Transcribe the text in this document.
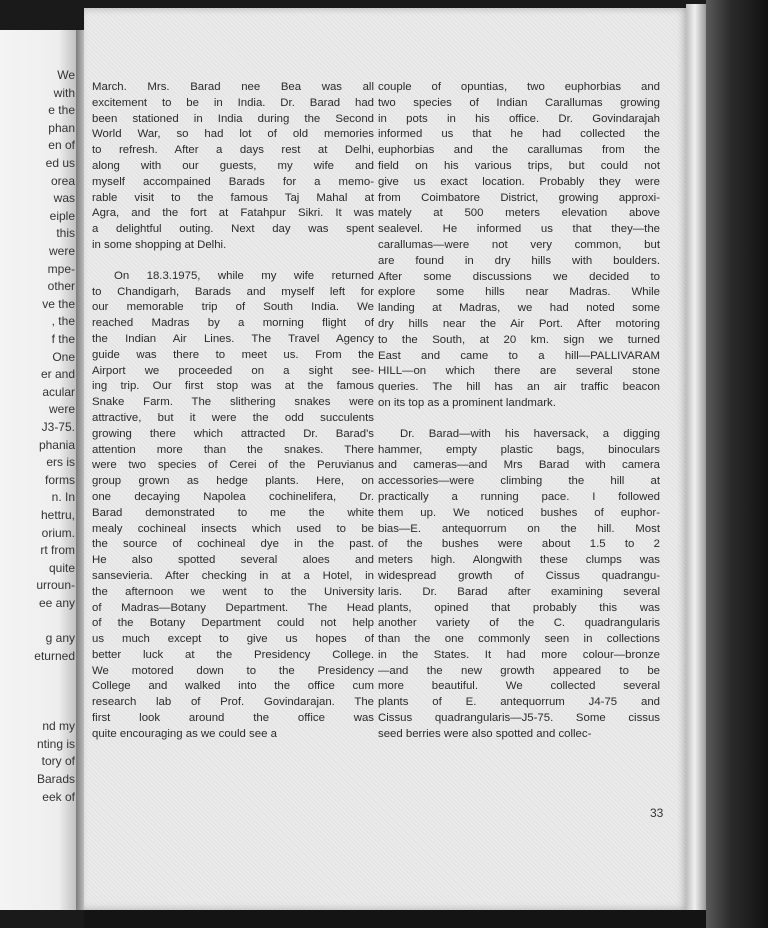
We
with
e the
phan
en of
ed us
orea
was
eiple
this
were
mpe-
other
ve the
, the
f the
One
er and
acular
were
J3-75.
phania
ers is
forms
n. In
hettru,
orium.
rt from
quite
urroun-
ee any
g any
eturned
nd my
nting is
tory of
Barads
eek of
March. Mrs. Barad nee Bea was all
excitement to be in India. Dr. Barad had
been stationed in India during the Second
World War, so had lot of old memories
to refresh. After a days rest at Delhi,
along with our guests, my wife and
myself accompained Barads for a memo-
rable visit to the famous Taj Mahal at
Agra, and the fort at Fatahpur Sikri. It was
a delightful outing. Next day was spent
in some shopping at Delhi.
On 18.3.1975, while my wife returned
to Chandigarh, Barads and myself left for
our memorable trip of South India. We
reached Madras by a morning flight of
the Indian Air Lines. The Travel Agency
guide was there to meet us. From the
Airport we proceeded on a sight see-
ing trip. Our first stop was at the famous
Snake Farm. The slithering snakes were
attractive, but it were the odd succulents
growing there which attracted Dr. Barad's
attention more than the snakes. There
were two species of Cerei of the Peruvianus
group grown as hedge plants. Here, on
one decaying Napolea cochinelifera, Dr.
Barad demonstrated to me the white
mealy cochineal insects which used to be
the source of cochineal dye in the past.
He also spotted several aloes and
sansevieria. After checking in at a Hotel, in
the afternoon we went to the University
of Madras—Botany Department. The Head
of the Botany Department could not help
us much except to give us hopes of
better luck at the Presidency College.
We motored down to the Presidency
College and walked into the office cum
research lab of Prof. Govindarajan. The
first look around the office was
quite encouraging as we could see a
couple of opuntias, two euphorbias and
two species of Indian Carallumas growing
in pots in his office. Dr. Govindarajah
informed us that he had collected the
euphorbias and the carallumas from the
field on his various trips, but could not
give us exact location. Probably they were
from Coimbatore District, growing approxi-
mately at 500 meters elevation above
sealevel. He informed us that they—the
carallumas—were not very common, but
are found in dry hills with boulders.
After some discussions we decided to
explore some hills near Madras. While
landing at Madras, we had noted some
dry hills near the Air Port. After motoring
to the South, at 20 km. sign we turned
East and came to a hill—PALLIVARAM
HILL—on which there are several stone
queries. The hill has an air traffic beacon
on its top as a prominent landmark.
Dr. Barad—with his haversack, a digging
hammer, empty plastic bags, binoculars
and cameras—and Mrs Barad with camera
accessories—were climbing the hill at
practically a running pace. I followed
them up. We noticed bushes of euphor-
bias—E. antequorrum on the hill. Most
of the bushes were about 1.5 to 2
meters high. Alongwith these clumps was
widespread growth of Cissus quadrangu-
laris. Dr. Barad after examining several
plants, opined that probably this was
another variety of the C. quadrangularis
than the one commonly seen in collections
in the States. It had more colour—bronze
—and the new growth appeared to be
more beautiful. We collected several
plants of E. antequorrum J4-75 and
Cissus quadrangularis—J5-75. Some cissus
seed berries were also spotted and collec-
33
